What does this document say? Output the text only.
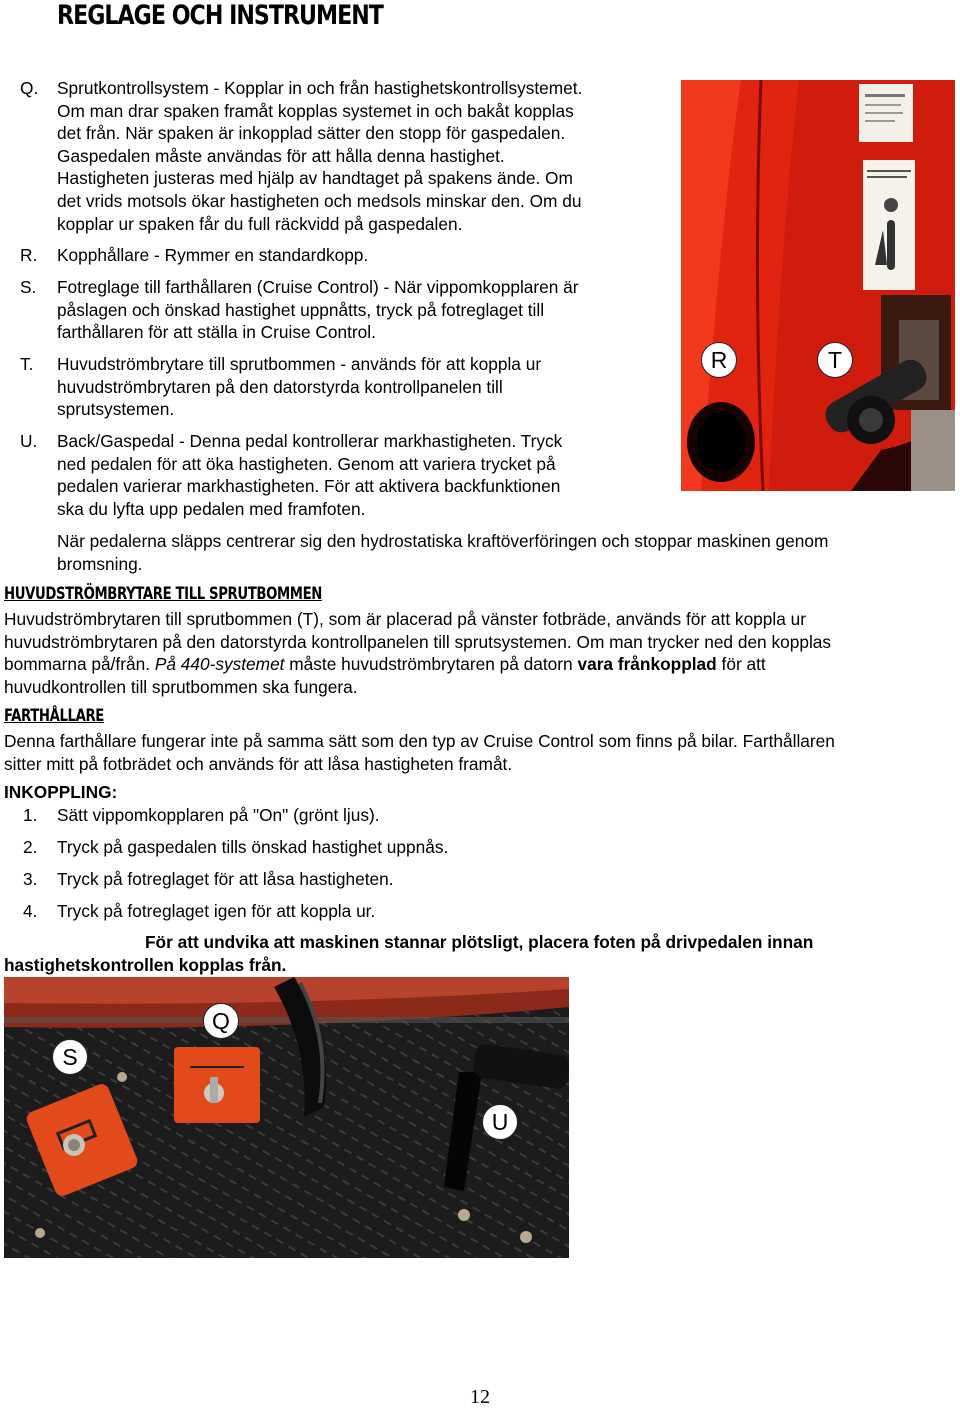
REGLAGE OCH INSTRUMENT
Q. Sprutkontrollsystem - Kopplar in och från hastighetskontrollsystemet.
Om man drar spaken framåt kopplas systemet in och bakåt kopplas
det från. När spaken är inkopplad sätter den stopp för gaspedalen.
Gaspedalen måste användas för att hålla denna hastighet.
Hastigheten justeras med hjälp av handtaget på spakens ände. Om
det vrids motsols ökar hastigheten och medsols minskar den. Om du
kopplar ur spaken får du full räckvidd på gaspedalen.
R. Kopphållare - Rymmer en standardkopp.
S. Fotreglage till farthållaren (Cruise Control) - När vippomkopplaren är
påslagen och önskad hastighet uppnåtts, tryck på fotreglaget till
farthållaren för att ställa in Cruise Control.
T. Huvudströmbrytare till sprutbommen - används för att koppla ur
huvudströmbrytaren på den datorstyrda kontrollpanelen till
sprutsystemen.
U. Back/Gaspedal - Denna pedal kontrollerar markhastigheten. Tryck
ned pedalen för att öka hastigheten. Genom att variera trycket på
pedalen varierar markhastigheten. För att aktivera backfunktionen
ska du lyfta upp pedalen med framfoten.
När pedalerna släpps centrerar sig den hydrostatiska kraftöverföringen och stoppar maskinen genom
bromsning.
HUVUDSTRÖMBRYTARE TILL SPRUTBOMMEN
Huvudströmbrytaren till sprutbommen (T), som är placerad på vänster fotbräde, används för att koppla ur
huvudströmbrytaren på den datorstyrda kontrollpanelen till sprutsystemen. Om man trycker ned den kopplas
bommarna på/från. På 440-systemet måste huvudströmbrytaren på datorn vara frånkopplad för att
huvudkontrollen till sprutbommen ska fungera.
FARTHÅLLARE
Denna farthållare fungerar inte på samma sätt som den typ av Cruise Control som finns på bilar. Farthållaren
sitter mitt på fotbrädet och används för att låsa hastigheten framåt.
INKOPPLING:
1. Sätt vippomkopplaren på "On" (grönt ljus).
2. Tryck på gaspedalen tills önskad hastighet uppnås.
3. Tryck på fotreglaget för att låsa hastigheten.
4. Tryck på fotreglaget igen för att koppla ur.
För att undvika att maskinen stannar plötsligt, placera foten på drivpedalen innan
hastighetskontrollen kopplas från.
R	T
Q
S
U
12
